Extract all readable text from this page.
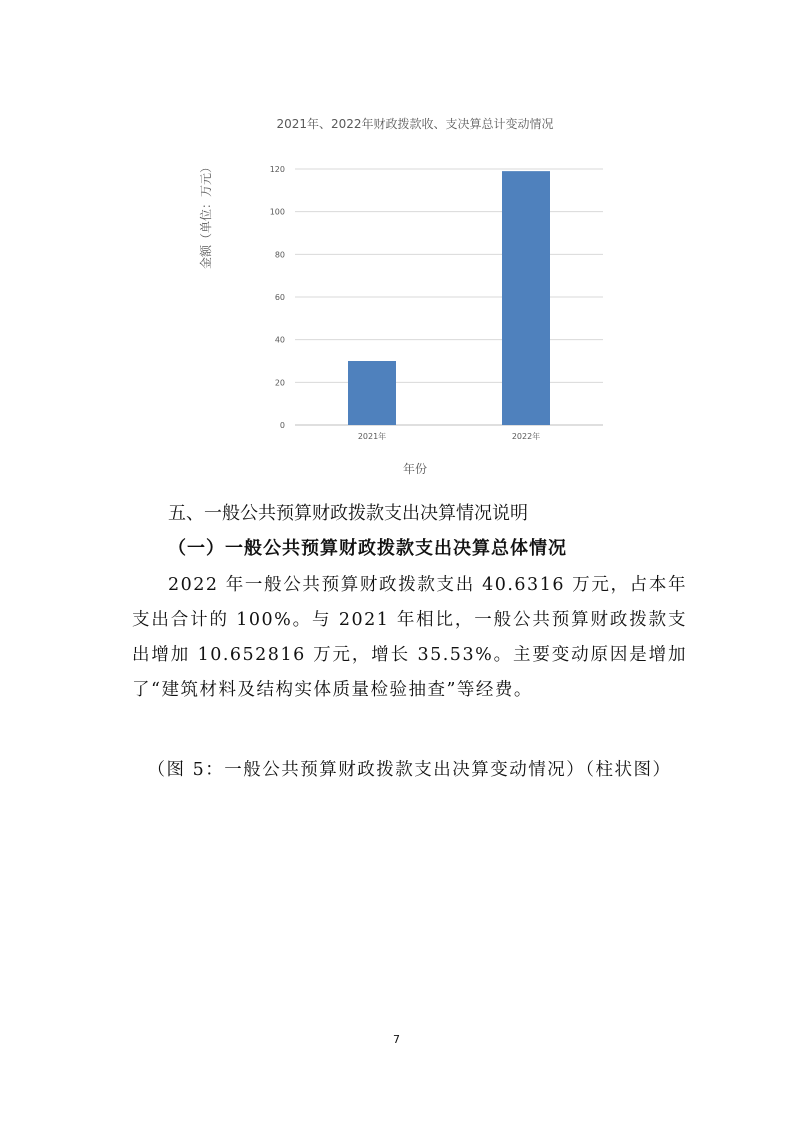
2021年、2022年财政拨款收、支决算总计变动情况
0
20
40
60
80
100
120
2021年	2022年
金额（单位：万元）
年份
五、一般公共预算财政拨款支出决算情况说明
（一）一般公共预算财政拨款支出决算总体情况
2022 年一般公共预算财政拨款支出 40.6316 万元，占本年支出合计的 100%。与 2021 年相比，一般公共预算财政拨款支出增加 10.652816 万元，增长 35.53%。主要变动原因是增加了“建筑材料及结构实体质量检验抽查”等经费。
（图 5：一般公共预算财政拨款支出决算变动情况）（柱状图）
7
